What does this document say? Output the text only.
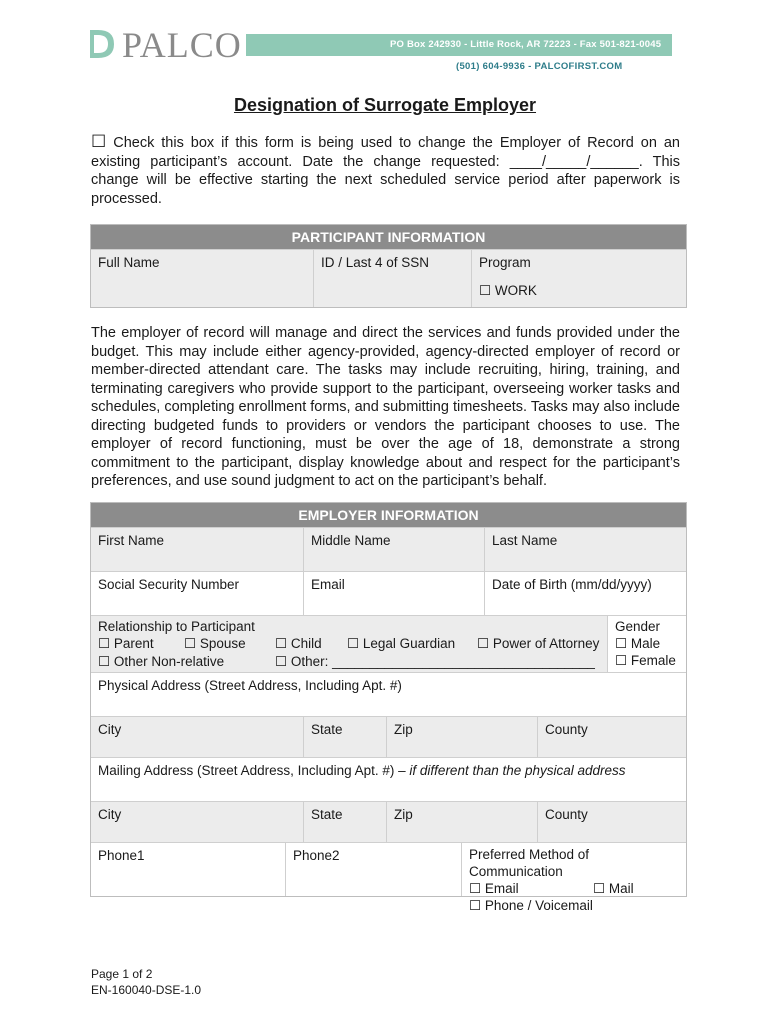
PALCO	PO Box 242930 - Little Rock, AR 72223 - Fax 501-821-0045
(501) 604-9936 - PALCOFIRST.COM
Designation of Surrogate Employer
☐ Check this box if this form is being used to change the Employer of Record on an existing participant’s account. Date the change requested: ____/_____/______. This change will be effective starting the next scheduled service period after paperwork is processed.
PARTICIPANT INFORMATION
Full Name	ID / Last 4 of SSN	Program
☐ WORK
The employer of record will manage and direct the services and funds provided under the budget. This may include either agency-provided, agency-directed employer of record or member-directed attendant care. The tasks may include recruiting, hiring, training, and terminating caregivers who provide support to the participant, overseeing worker tasks and schedules, completing enrollment forms, and submitting timesheets. Tasks may also include directing budgeted funds to providers or vendors the participant chooses to use. The employer of record functioning, must be over the age of 18, demonstrate a strong commitment to the participant, display knowledge about and respect for the participant’s preferences, and use sound judgment to act on the participant’s behalf.
EMPLOYER INFORMATION
First Name	Middle Name	Last Name
Social Security Number	Email	Date of Birth (mm/dd/yyyy)
Relationship to Participant
☐ Parent ☐ Spouse ☐ Child ☐ Legal Guardian ☐ Power of Attorney
☐ Other Non-relative	☐ Other: ___________________________________
Gender
☐ Male
☐ Female
Physical Address (Street Address, Including Apt. #)
City	State	Zip	County
Mailing Address (Street Address, Including Apt. #) – if different than the physical address
City	State	Zip	County
Phone1	Phone2	Preferred Method of Communication
☐ Email	☐ Mail
☐ Phone / Voicemail
Page 1 of 2
EN-160040-DSE-1.0
